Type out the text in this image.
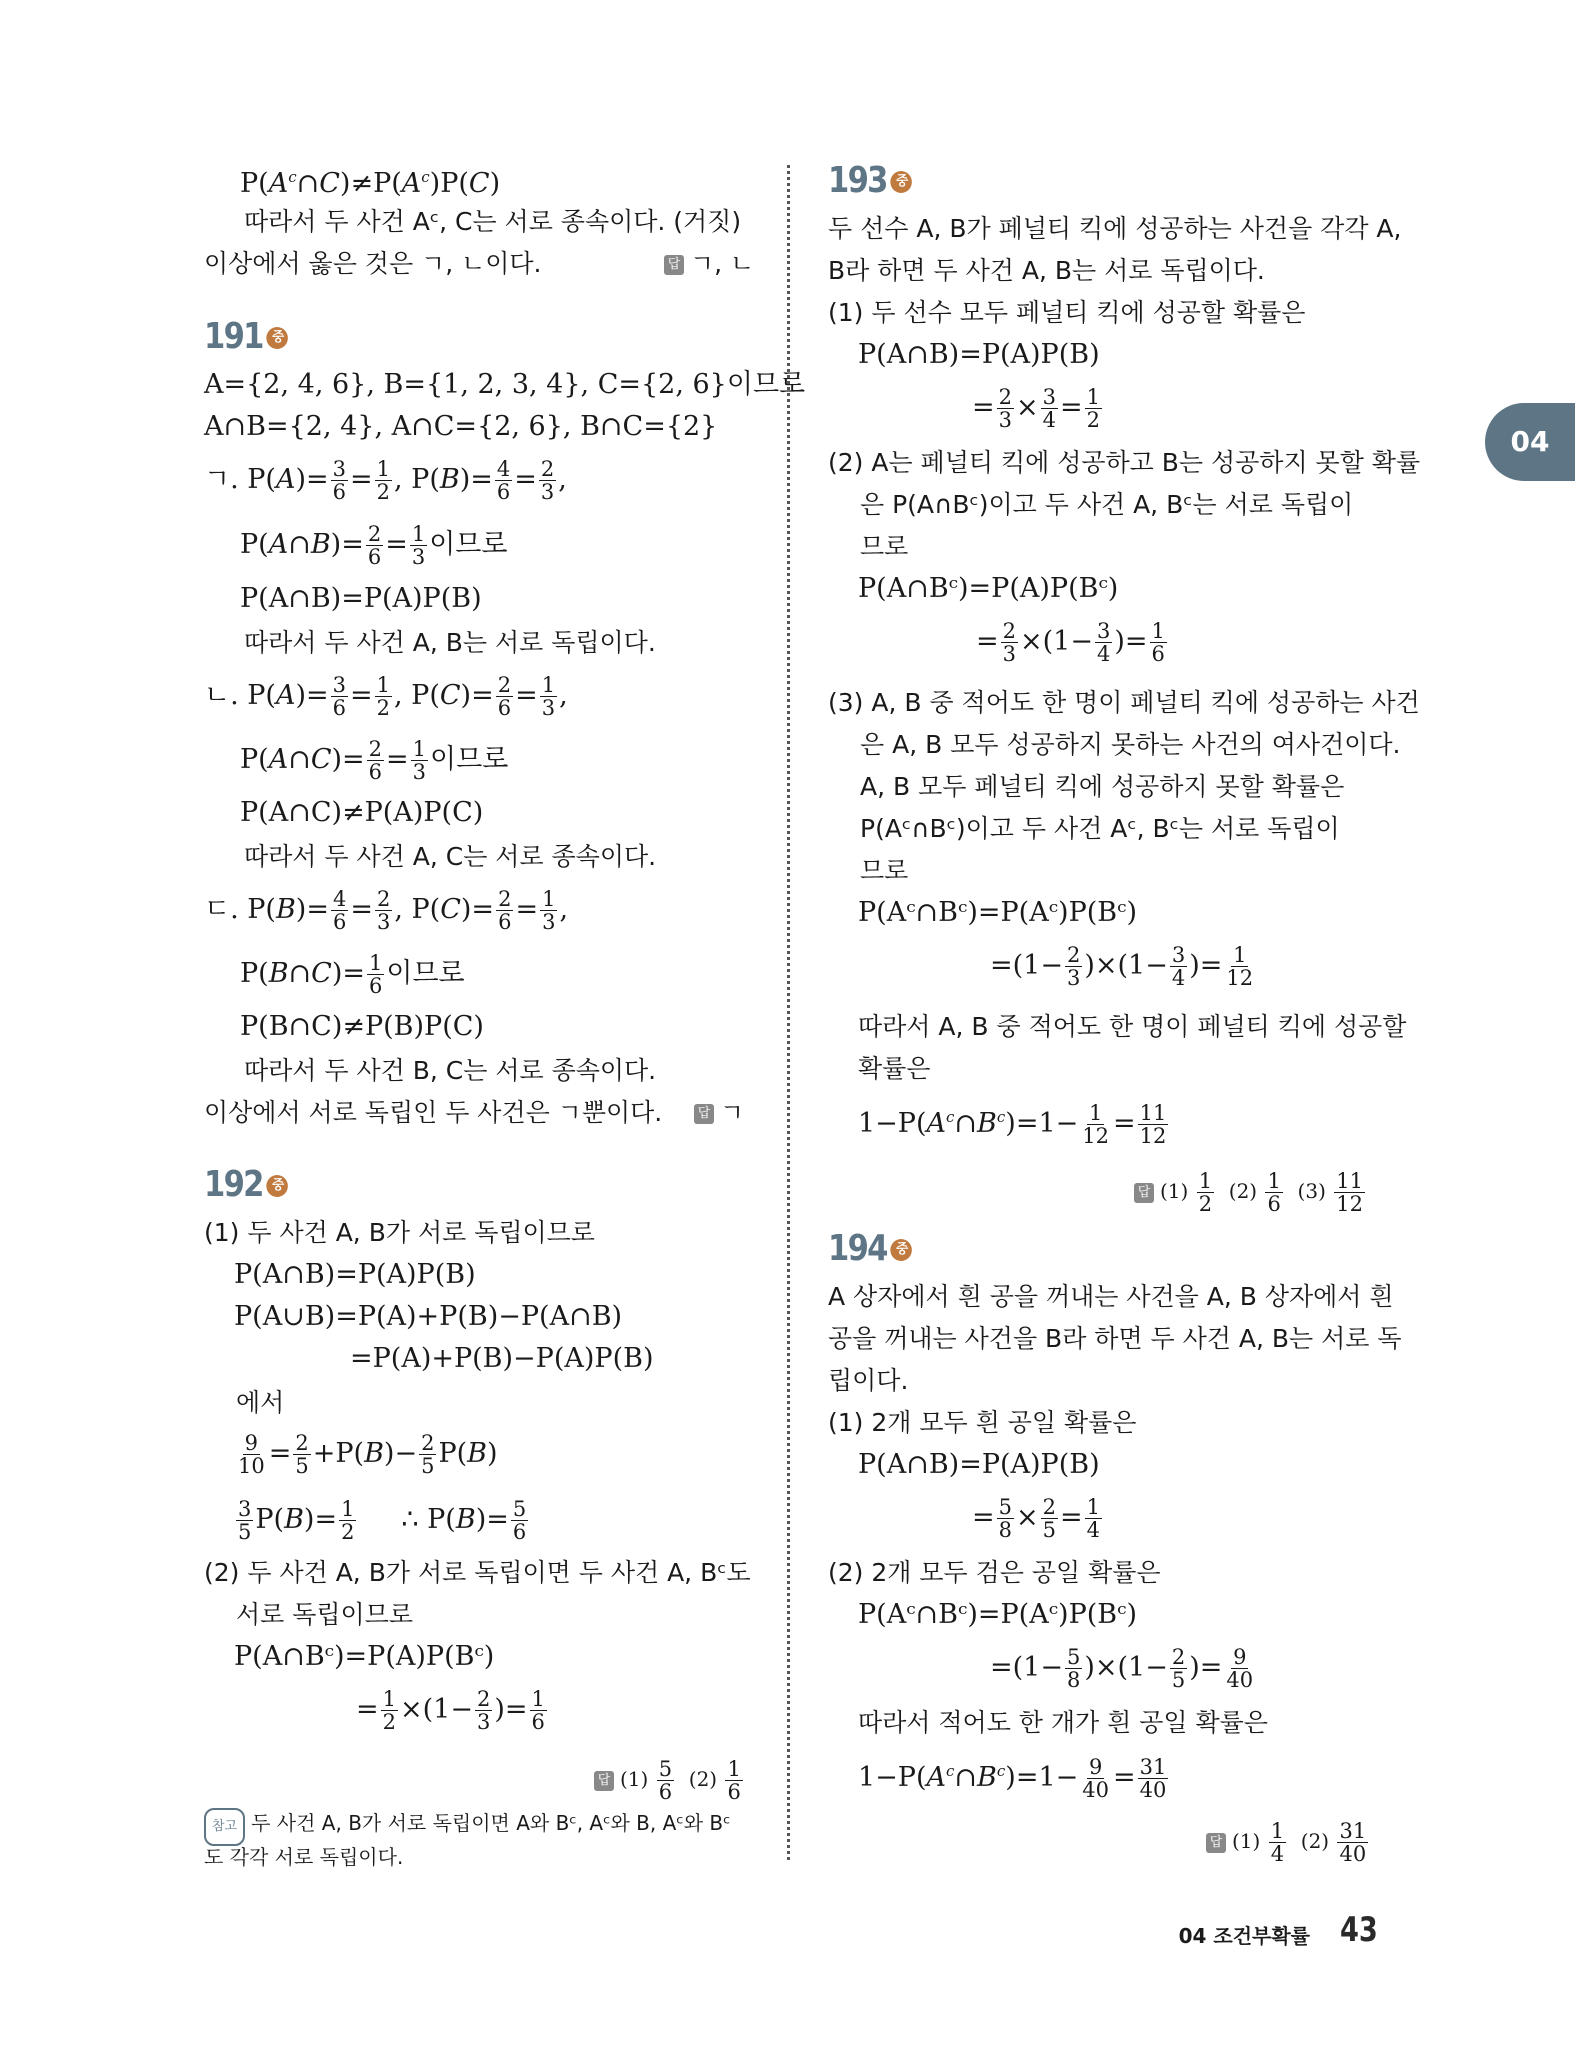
04
$P(A^c\cap C)\ne P(A^c)P(C)$
따라서 두 사건 Aᶜ, C는 서로 종속이다. (거짓)
이상에서 옳은 것은 ㄱ, ㄴ이다.	답 ㄱ, ㄴ
191 중
A={2, 4, 6}, B={1, 2, 3, 4}, C={2, 6}이므로
A∩B={2, 4}, A∩C={2, 6}, B∩C={2}
ㄱ. $P(A)= \frac{3}{6} = \frac{1}{2}$ , $P(B)= \frac{4}{6} = \frac{2}{3}$ ,
P(A∩B)= $\frac{2}{6} = \frac{1}{3}$ 이므로
P(A∩B)=P(A)P(B)
따라서 두 사건 A, B는 서로 독립이다.
ㄴ. $P(A)= \frac{3}{6} = \frac{1}{2}$ , $P(C)= \frac{2}{6} = \frac{1}{3}$ ,
P(A∩C)= $\frac{2}{6} = \frac{1}{3}$ 이므로
P(A∩C)≠P(A)P(C)
따라서 두 사건 A, C는 서로 종속이다.
ㄷ. $P(B)= \frac{4}{6} = \frac{2}{3}$ , $P(C)= \frac{2}{6} = \frac{1}{3}$ ,
P(B∩C)= $\frac{1}{6}$ 이므로
P(B∩C)≠P(B)P(C)
따라서 두 사건 B, C는 서로 종속이다.
이상에서 서로 독립인 두 사건은 ㄱ뿐이다.	답 ㄱ
192 중
(1) 두 사건 A, B가 서로 독립이므로
P(A∩B)=P(A)P(B)
P(A∪B)=P(A)+P(B)−P(A∩B)
=P(A)+P(B)−P(A)P(B)
에서
$\frac{9}{10} = \frac{2}{5} +P(B)- \frac{2}{5} P(B)$
$\frac{3}{5} P(B)= \frac{1}{2}$ ∴ $P(B)= \frac{5}{6}$
(2) 두 사건 A, B가 서로 독립이면 두 사건 A, Bᶜ도
서로 독립이므로
P(A∩Bᶜ)=P(A)P(Bᶜ)
= $\frac{1}{2} \times(1- \frac{2}{3}$ )= $\frac{1}{6}$
답 $(1) \frac{5}{6} (2) \frac{1}{6}$
참고 두 사건 A, B가 서로 독립이면 A와 Bᶜ, Aᶜ와 B, Aᶜ와 Bᶜ
도 각각 서로 독립이다.
193 중
두 선수 A, B가 페널티 킥에 성공하는 사건을 각각 A,
B라 하면 두 사건 A, B는 서로 독립이다.
(1) 두 선수 모두 페널티 킥에 성공할 확률은
P(A∩B)=P(A)P(B)
= $\frac{2}{3} \times \frac{3}{4} = \frac{1}{2}$
(2) A는 페널티 킥에 성공하고 B는 성공하지 못할 확률
은 P(A∩Bᶜ)이고 두 사건 A, Bᶜ는 서로 독립이
므로
P(A∩Bᶜ)=P(A)P(Bᶜ)
= $\frac{2}{3} \times(1- \frac{3}{4}$ )= $\frac{1}{6}$
(3) A, B 중 적어도 한 명이 페널티 킥에 성공하는 사건
은 A, B 모두 성공하지 못하는 사건의 여사건이다.
A, B 모두 페널티 킥에 성공하지 못할 확률은
P(Aᶜ∩Bᶜ)이고 두 사건 Aᶜ, Bᶜ는 서로 독립이
므로
P(Aᶜ∩Bᶜ)=P(Aᶜ)P(Bᶜ)
$=(1- \frac{2}{3} )\times(1- \frac{3}{4}$ )= $\frac{1}{12}$
따라서 A, B 중 적어도 한 명이 페널티 킥에 성공할
확률은
$1-P(A^c\cap B^c)=1- \frac{1}{12} = \frac{11}{12}$
답 $(1) \frac{1}{2} (2) \frac{1}{6} (3) \frac{11}{12}$
194 중
A 상자에서 흰 공을 꺼내는 사건을 A, B 상자에서 흰
공을 꺼내는 사건을 B라 하면 두 사건 A, B는 서로 독
립이다.
(1) 2개 모두 흰 공일 확률은
P(A∩B)=P(A)P(B)
= $\frac{5}{8} \times \frac{2}{5} = \frac{1}{4}$
(2) 2개 모두 검은 공일 확률은
P(Aᶜ∩Bᶜ)=P(Aᶜ)P(Bᶜ)
$=(1- \frac{5}{8} )\times(1- \frac{2}{5}$ )= $\frac{9}{40}$
따라서 적어도 한 개가 흰 공일 확률은
$1-P(A^c\cap B^c)=1- \frac{9}{40} = \frac{31}{40}$
답 $(1) \frac{1}{4} (2) \frac{31}{40}$
04 조건부확률 43
